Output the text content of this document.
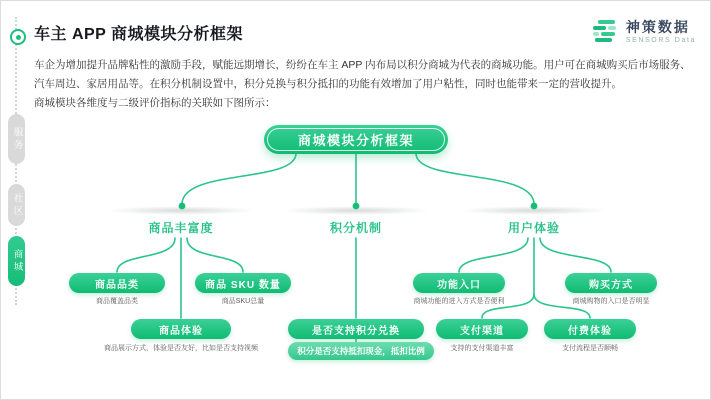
车主 APP 商城模块分析框架	神策数据
SENSORS Data
车企为增加提升品牌粘性的激励手段，赋能远期增长，纷纷在车主 APP 内布局以积分商城为代表的商城功能。用户可在商城购买后市场服务、汽车周边、家居用品等。在积分机制设置中，积分兑换与积分抵扣的功能有效增加了用户粘性，同时也能带来一定的营收提升。
商城模块各维度与二级评价指标的关联如下图所示：
服务
社区
商城
商城模块分析框架
商品丰富度	积分机制	用户体验
商品品类	商品 SKU 数量
商品体验	是否支持积分兑换
积分是否支持抵扣现金，抵扣比例
功能入口	购买方式
支付渠道	付费体验
商品覆盖品类	商品SKU总量
商品展示方式，体验是否友好，比如是否支持视频
商城功能的进入方式是否便利	商城购物的入口是否明显
支持的支付渠道丰富	支付流程是否顺畅
